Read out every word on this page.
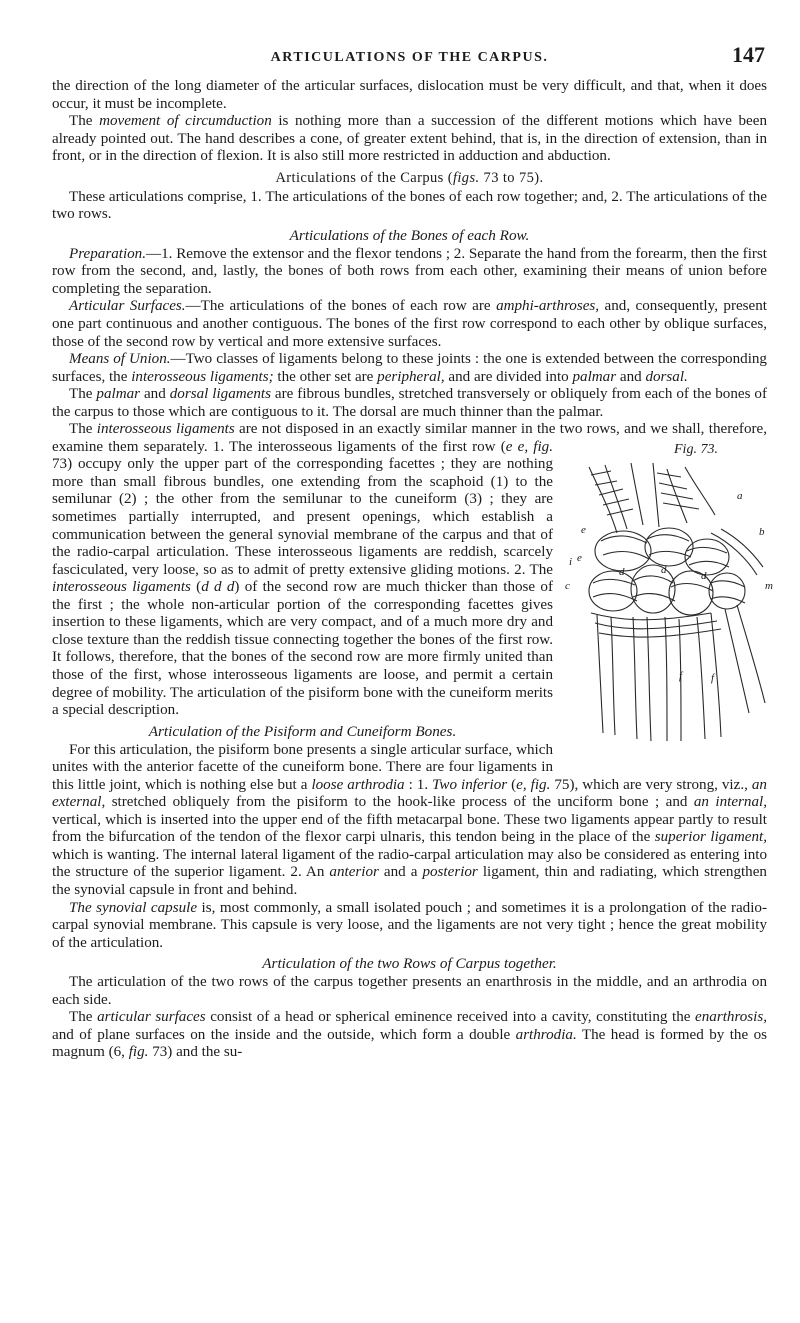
ARTICULATIONS OF THE CARPUS.	147

the direction of the long diameter of the articular surfaces, dislocation must be very difficult, and that, when it does occur, it must be incomplete.

The movement of circumduction is nothing more than a succession of the different motions which have been already pointed out. The hand describes a cone, of greater extent behind, that is, in the direction of extension, than in front, or in the direction of flexion. It is also still more restricted in adduction and abduction.

Articulations of the Carpus (figs. 73 to 75).

These articulations comprise, 1. The articulations of the bones of each row together; and, 2. The articulations of the two rows.

Articulations of the Bones of each Row.

Preparation.—1. Remove the extensor and the flexor tendons ; 2. Separate the hand from the forearm, then the first row from the second, and, lastly, the bones of both rows from each other, examining their means of union before completing the separation.

Articular Surfaces.—The articulations of the bones of each row are amphi-arthroses, and, consequently, present one part continuous and another contiguous. The bones of the first row correspond to each other by oblique surfaces, those of the second row by vertical and more extensive surfaces.

Means of Union.—Two classes of ligaments belong to these joints : the one is extended between the corresponding surfaces, the interosseous ligaments; the other set are peripheral, and are divided into palmar and dorsal.

The palmar and dorsal ligaments are fibrous bundles, stretched transversely or obliquely from each of the bones of the carpus to those which are contiguous to it. The dorsal are much thinner than the palmar.

The interosseous ligaments are not disposed in an exactly similar manner in the two rows, and we shall, therefore, examine them separately. 1. The interosseous ligaments of the first row (	Fig. 73.
a
b
c
d	d	d
e
e
f
f
i
m
e e, fig. 73) occupy only the upper part of the corresponding facettes ; they are nothing more than small fibrous bundles, one extending from the scaphoid (1) to the semilunar (2) ; the other from the semilunar to the cuneiform (3) ; they are sometimes partially interrupted, and present openings, which establish a communication between the general synovial membrane of the carpus and that of the radio-carpal articulation. These interosseous ligaments are reddish, scarcely fasciculated, very loose, so as to admit of pretty extensive gliding motions. 2. The interosseous ligaments (d d d) of the second row are much thicker than those of the first ; the whole non-articular portion of the corresponding facettes gives insertion to these ligaments, which are very compact, and of a much more dry and close texture than the reddish tissue connecting together the bones of the first row. It follows, therefore, that the bones of the second row are more firmly united than those of the first, whose interosseous ligaments are loose, and permit a certain degree of mobility. The articulation of the pisiform bone with the cuneiform merits a special description.

Articulation of the Pisiform and Cuneiform Bones.

For this articulation, the pisiform bone presents a single articular surface, which unites with the anterior facette of the cuneiform bone. There are four ligaments in this little joint, which is nothing else but a loose arthrodia : 1. Two inferior (e, fig. 75), which are very strong, viz., an external, stretched obliquely from the pisiform to the hook-like process of the unciform bone ; and an internal, vertical, which is inserted into the upper end of the fifth metacarpal bone. These two ligaments appear partly to result from the bifurcation of the tendon of the flexor carpi ulnaris, this tendon being in the place of the superior ligament, which is wanting. The internal lateral ligament of the radio-carpal articulation may also be considered as entering into the structure of the superior ligament. 2. An anterior and a posterior ligament, thin and radiating, which strengthen the synovial capsule in front and behind.

The synovial capsule is, most commonly, a small isolated pouch ; and sometimes it is a prolongation of the radio-carpal synovial membrane. This capsule is very loose, and the ligaments are not very tight ; hence the great mobility of the articulation.

Articulation of the two Rows of Carpus together.

The articulation of the two rows of the carpus together presents an enarthrosis in the middle, and an arthrodia on each side.

The articular surfaces consist of a head or spherical eminence received into a cavity, constituting the enarthrosis, and of plane surfaces on the inside and the outside, which form a double arthrodia. The head is formed by the os magnum (6, fig. 73) and the su-
